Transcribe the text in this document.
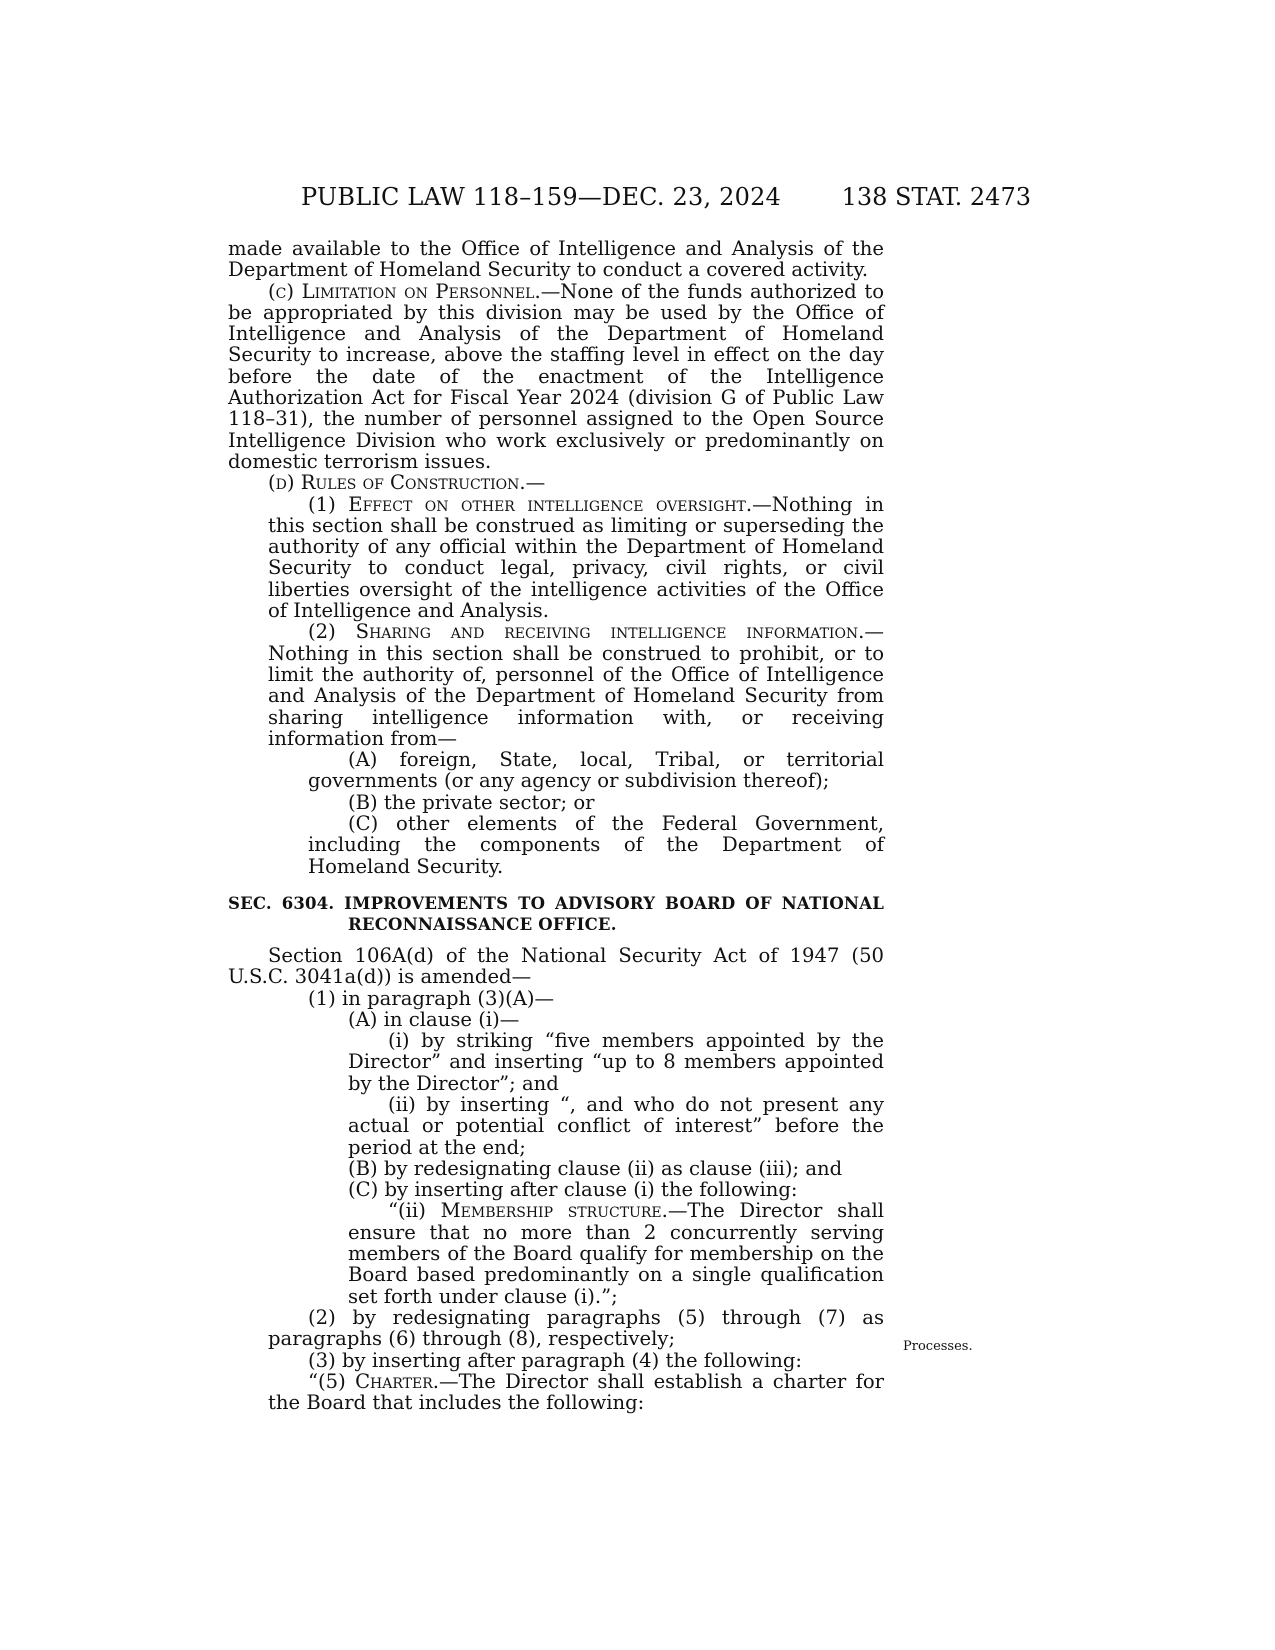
PUBLIC LAW 118–159—DEC. 23, 2024	138 STAT. 2473

made available to the Office of Intelligence and Analysis of the Department of Homeland Security to conduct a covered activity.

(c) Limitation on Personnel.—None of the funds authorized to be appropriated by this division may be used by the Office of Intelligence and Analysis of the Department of Homeland Security to increase, above the staffing level in effect on the day before the date of the enactment of the Intelligence Authorization Act for Fiscal Year 2024 (division G of Public Law 118–31), the number of personnel assigned to the Open Source Intelligence Division who work exclusively or predominantly on domestic terrorism issues.

(d) Rules of Construction.—

(1) Effect on other intelligence oversight.—Nothing in this section shall be construed as limiting or superseding the authority of any official within the Department of Homeland Security to conduct legal, privacy, civil rights, or civil liberties oversight of the intelligence activities of the Office of Intelligence and Analysis.

(2) Sharing and receiving intelligence information.— Nothing in this section shall be construed to prohibit, or to limit the authority of, personnel of the Office of Intelligence and Analysis of the Department of Homeland Security from sharing intelligence information with, or receiving information from—

(A) foreign, State, local, Tribal, or territorial governments (or any agency or subdivision thereof);

(B) the private sector; or

(C) other elements of the Federal Government, including the components of the Department of Homeland Security.

SEC. 6304. IMPROVEMENTS TO ADVISORY BOARD OF NATIONAL RECONNAISSANCE OFFICE.

Section 106A(d) of the National Security Act of 1947 (50 U.S.C. 3041a(d)) is amended—

(1) in paragraph (3)(A)—

(A) in clause (i)—

(i) by striking “five members appointed by the Director” and inserting “up to 8 members appointed by the Director”; and

(ii) by inserting “, and who do not present any actual or potential conflict of interest” before the period at the end;

(B) by redesignating clause (ii) as clause (iii); and

(C) by inserting after clause (i) the following:

“(ii) Membership structure.—The Director shall ensure that no more than 2 concurrently serving members of the Board qualify for membership on the Board based predominantly on a single qualification set forth under clause (i).”;

(2) by redesignating paragraphs (5) through (7) as paragraphs (6) through (8), respectively;

(3) by inserting after paragraph (4) the following:

“(5) Charter.—The Director shall establish a charter for the Board that includes the following:

Processes.
